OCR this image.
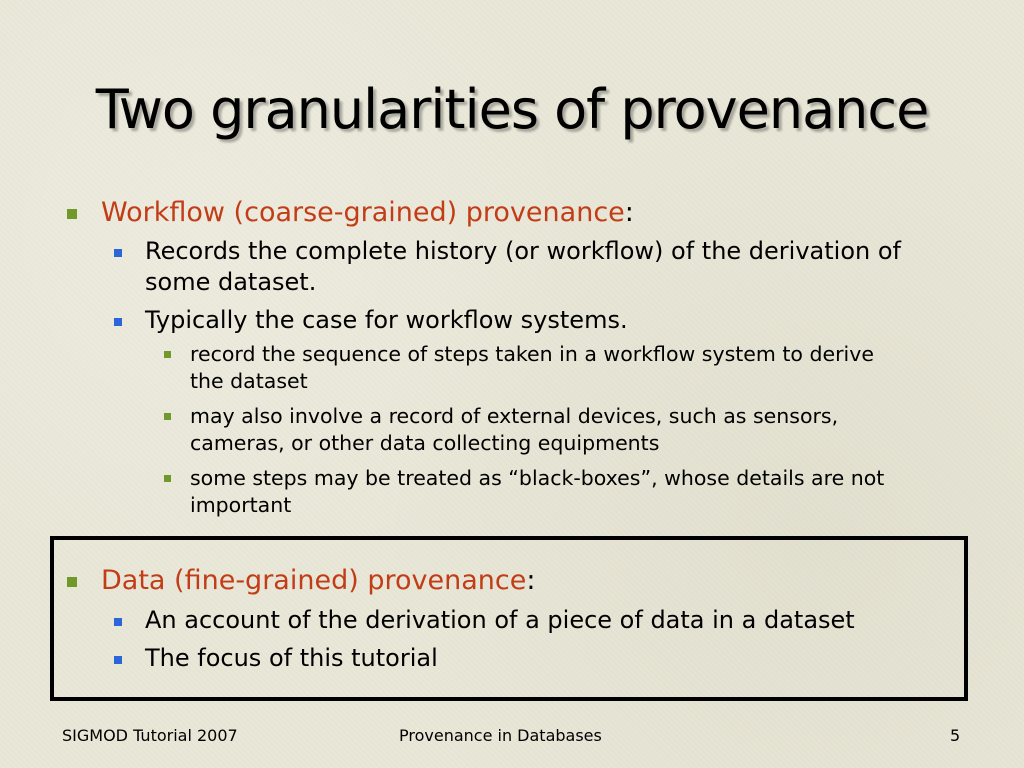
Two granularities of provenance
Workflow (coarse-grained) provenance:
Records the complete history (or workflow) of the derivation of
some dataset.
Typically the case for workflow systems.
record the sequence of steps taken in a workflow system to derive
the dataset
may also involve a record of external devices, such as sensors,
cameras, or other data collecting equipments
some steps may be treated as “black-boxes”, whose details are not
important
Data (fine-grained) provenance:
An account of the derivation of a piece of data in a dataset
The focus of this tutorial
SIGMOD Tutorial 2007	Provenance in Databases	5
